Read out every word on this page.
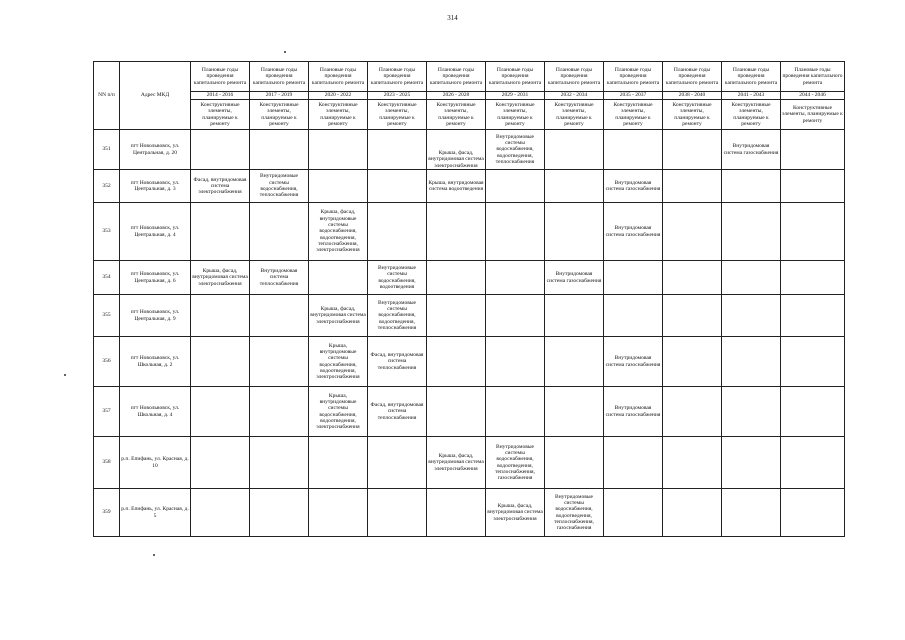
314
NN п/п	Адрес МКД	Плановые годы проведения капитального ремонта	Плановые годы проведения капитального ремонта	Плановые годы проведения капитального ремонта	Плановые годы проведения капитального ремонта	Плановые годы проведения капитального ремонта	Плановые годы проведения капитального ремонта	Плановые годы проведения капитального ремонта	Плановые годы проведения капитального ремонта	Плановые годы проведения капитального ремонта	Плановые годы проведения капитального ремонта	Плановые годы проведения капитального ремонта
		2014 - 2016	2017 - 2019	2020 - 2022	2023 - 2025	2026 - 2028	2029 - 2031	2032 - 2034	2035 - 2037	2038 - 2040	2041 - 2043	2044 - 2046
		Конструктивные элементы, планируемые к ремонту	Конструктивные элементы, планируемые к ремонту	Конструктивные элементы, планируемые к ремонту	Конструктивные элементы, планируемые к ремонту	Конструктивные элементы, планируемые к ремонту	Конструктивные элементы, планируемые к ремонту	Конструктивные элементы, планируемые к ремонту	Конструктивные элементы, планируемые к ремонту	Конструктивные элементы, планируемые к ремонту	Конструктивные элементы, планируемые к ремонту	Конструктивные элементы, планируемые к ремонту
351	пгт Новольвовск, ул. Центральная, д. 20					Крыша, фасад, внутридомовая система электроснабжения	Внутридомовые системы водоснабжения, водоотведения, теплоснабжения				Внутридомовая система газоснабжения	
352	пгт Новольвовск, ул. Центральная, д. 3	Фасад, внутридомовая система электроснабжения	Внутридомовые системы водоснабжения, теплоснабжения			Крыша, внутридомовая система водоотведения			Внутридомовая система газоснабжения			
353	пгт Новольвовск, ул. Центральная, д. 4			Крыша, фасад, внутридомовые системы водоснабжения, водоотведения, теплоснабжения, электроснабжения					Внутридомовая система газоснабжения			
354	пгт Новольвовск, ул. Центральная, д. 6	Крыша, фасад, внутридомовая система электроснабжения	Внутридомовая система теплоснабжения		Внутридомовые системы водоснабжения, водоотведения			Внутридомовая система газоснабжения				
355	пгт Новольвовск, ул. Центральная, д. 9			Крыша, фасад, внутридомовая система электроснабжения	Внутридомовые системы водоснабжения, водоотведения, теплоснабжения							
356	пгт Новольвовск, ул. Школьная, д. 2			Крыша, внутридомовые системы водоснабжения, водоотведения, электроснабжения	Фасад, внутридомовая система теплоснабжения				Внутридомовая система газоснабжения			
357	пгт Новольвовск, ул. Школьная, д. 4			Крыша, внутридомовые системы водоснабжения, водоотведения, электроснабжения	Фасад, внутридомовая система теплоснабжения				Внутридомовая система газоснабжения			
358	р.п. Епифань, ул. Красная, д. 10					Крыша, фасад, внутридомовая система электроснабжения	Внутридомовые системы водоснабжения, водоотведения, теплоснабжения, газоснабжения					
359	р.п. Епифань, ул. Красная, д. 5						Крыша, фасад, внутридомовая система электроснабжения	Внутридомовые системы водоснабжения, водоотведения, теплоснабжения, газоснабжения				
